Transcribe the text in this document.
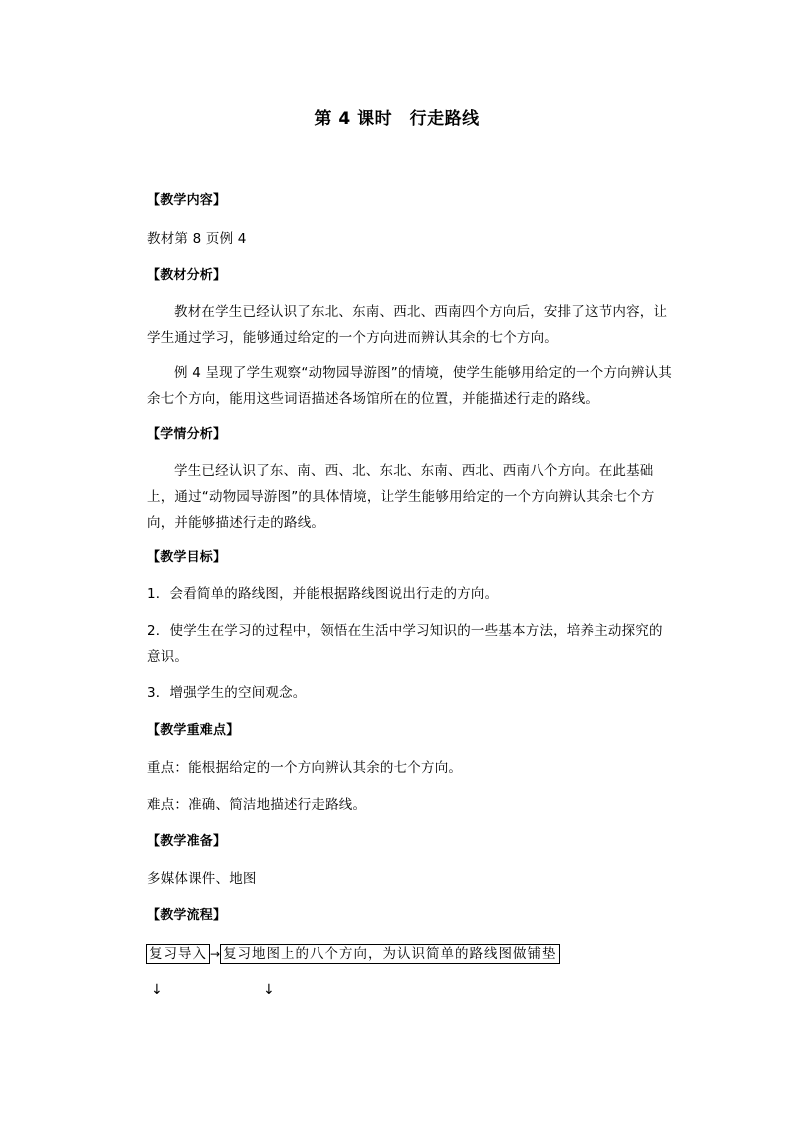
第 4 课时　行走路线
【教学内容】
教材第 8 页例 4
【教材分析】
教材在学生已经认识了东北、东南、西北、西南四个方向后，安排了这节内容，让学生通过学习，能够通过给定的一个方向进而辨认其余的七个方向。
例 4 呈现了学生观察“动物园导游图”的情境，使学生能够用给定的一个方向辨认其余七个方向，能用这些词语描述各场馆所在的位置，并能描述行走的路线。
【学情分析】
学生已经认识了东、南、西、北、东北、东南、西北、西南八个方向。在此基础上，通过“动物园导游图”的具体情境，让学生能够用给定的一个方向辨认其余七个方向，并能够描述行走的路线。
【教学目标】
1．会看简单的路线图，并能根据路线图说出行走的方向。
2．使学生在学习的过程中，领悟在生活中学习知识的一些基本方法，培养主动探究的意识。
3．增强学生的空间观念。
【教学重难点】
重点：能根据给定的一个方向辨认其余的七个方向。
难点：准确、简洁地描述行走路线。
【教学准备】
多媒体课件、地图
【教学流程】
复习导入 → 复习地图上的八个方向，为认识简单的路线图做铺垫
↓	↓
